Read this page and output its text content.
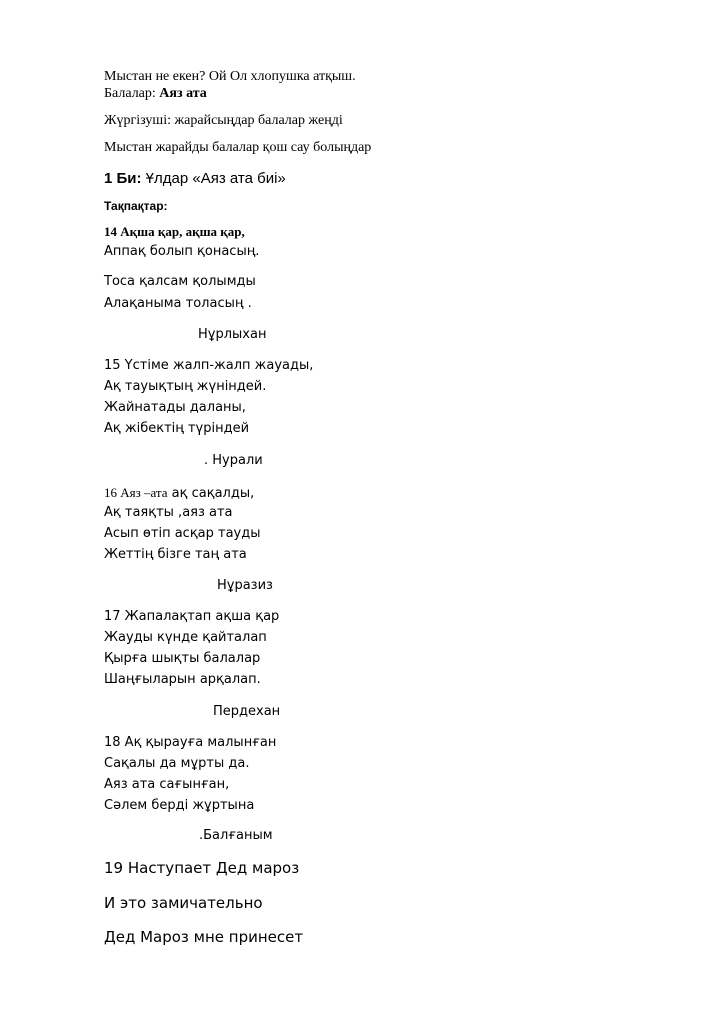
Мыстан не екен? Ой Ол хлопушка атқыш.
Балалар: Аяз ата
Жүргізуші: жарайсыңдар балалар жеңді
Мыстан жарайды балалар қош сау болыңдар
1 Би: Ұлдар «Аяз ата биі»
Тақпақтар:
14 Ақша қар, ақша қар,
Аппақ болып қонасың.
Тоса қалсам қолымды
Алақаныма толасың .
Нұрлыхан
15 Үстіме жалп-жалп жауады,
Ақ тауықтың жүніндей.
Жайнатады даланы,
Ақ жібектің түріндей
. Нурали
16 Аяз –ата ақ сақалды,
Ақ таяқты ,аяз ата
Асып өтіп асқар тауды
Жеттің бізге таң ата
Нұразиз
17 Жапалақтап ақша қар
Жауды күнде қайталап
Қырға шықты балалар
Шаңғыларын арқалап.
Пердехан
18 Ақ қырауға малынған
Сақалы да мұрты да.
Аяз ата сағынған,
Сәлем берді жұртына
.Балғаным
19 Наступает Дед мароз
И это замичательно
Дед Мароз мне принесет
